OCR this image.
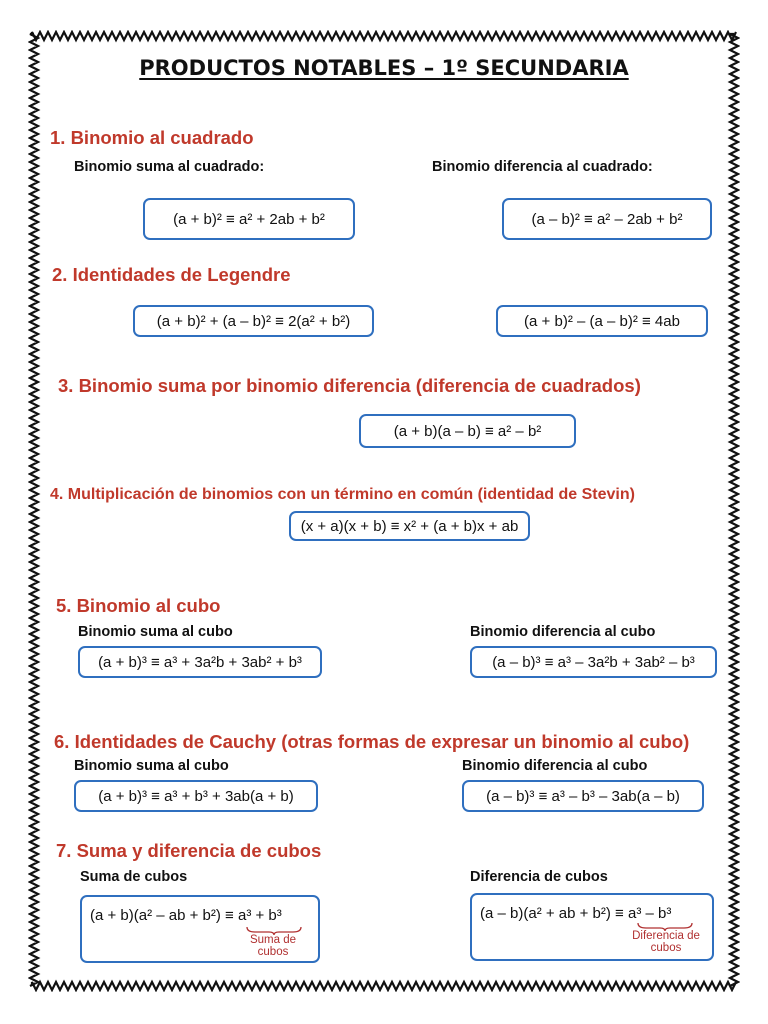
PRODUCTOS NOTABLES – 1º SECUNDARIA
1. Binomio al cuadrado
Binomio suma al cuadrado:	Binomio diferencia al cuadrado:
(a + b)² ≡ a² + 2ab + b²	(a – b)² ≡ a² – 2ab + b²
2. Identidades de Legendre
(a + b)² + (a – b)² ≡ 2(a² + b²)	(a + b)² – (a – b)² ≡ 4ab
3. Binomio suma por binomio diferencia (diferencia de cuadrados)
(a + b)(a – b) ≡ a² – b²
4. Multiplicación de binomios con un término en común (identidad de Stevin)
(x + a)(x + b) ≡ x² + (a + b)x + ab
5. Binomio al cubo
Binomio suma al cubo	Binomio diferencia al cubo
(a + b)³ ≡ a³ + 3a²b + 3ab² + b³	(a – b)³ ≡ a³ – 3a²b + 3ab² – b³
6. Identidades de Cauchy (otras formas de expresar un binomio al cubo)
Binomio suma al cubo	Binomio diferencia al cubo
(a + b)³ ≡ a³ + b³ + 3ab(a + b)	(a – b)³ ≡ a³ – b³ – 3ab(a – b)
7. Suma y diferencia de cubos
Suma de cubos	Diferencia de cubos
(a + b)(a² – ab + b²) ≡ a³ + b³
Suma de cubos
(a – b)(a² + ab + b²) ≡ a³ – b³
Diferencia de cubos
